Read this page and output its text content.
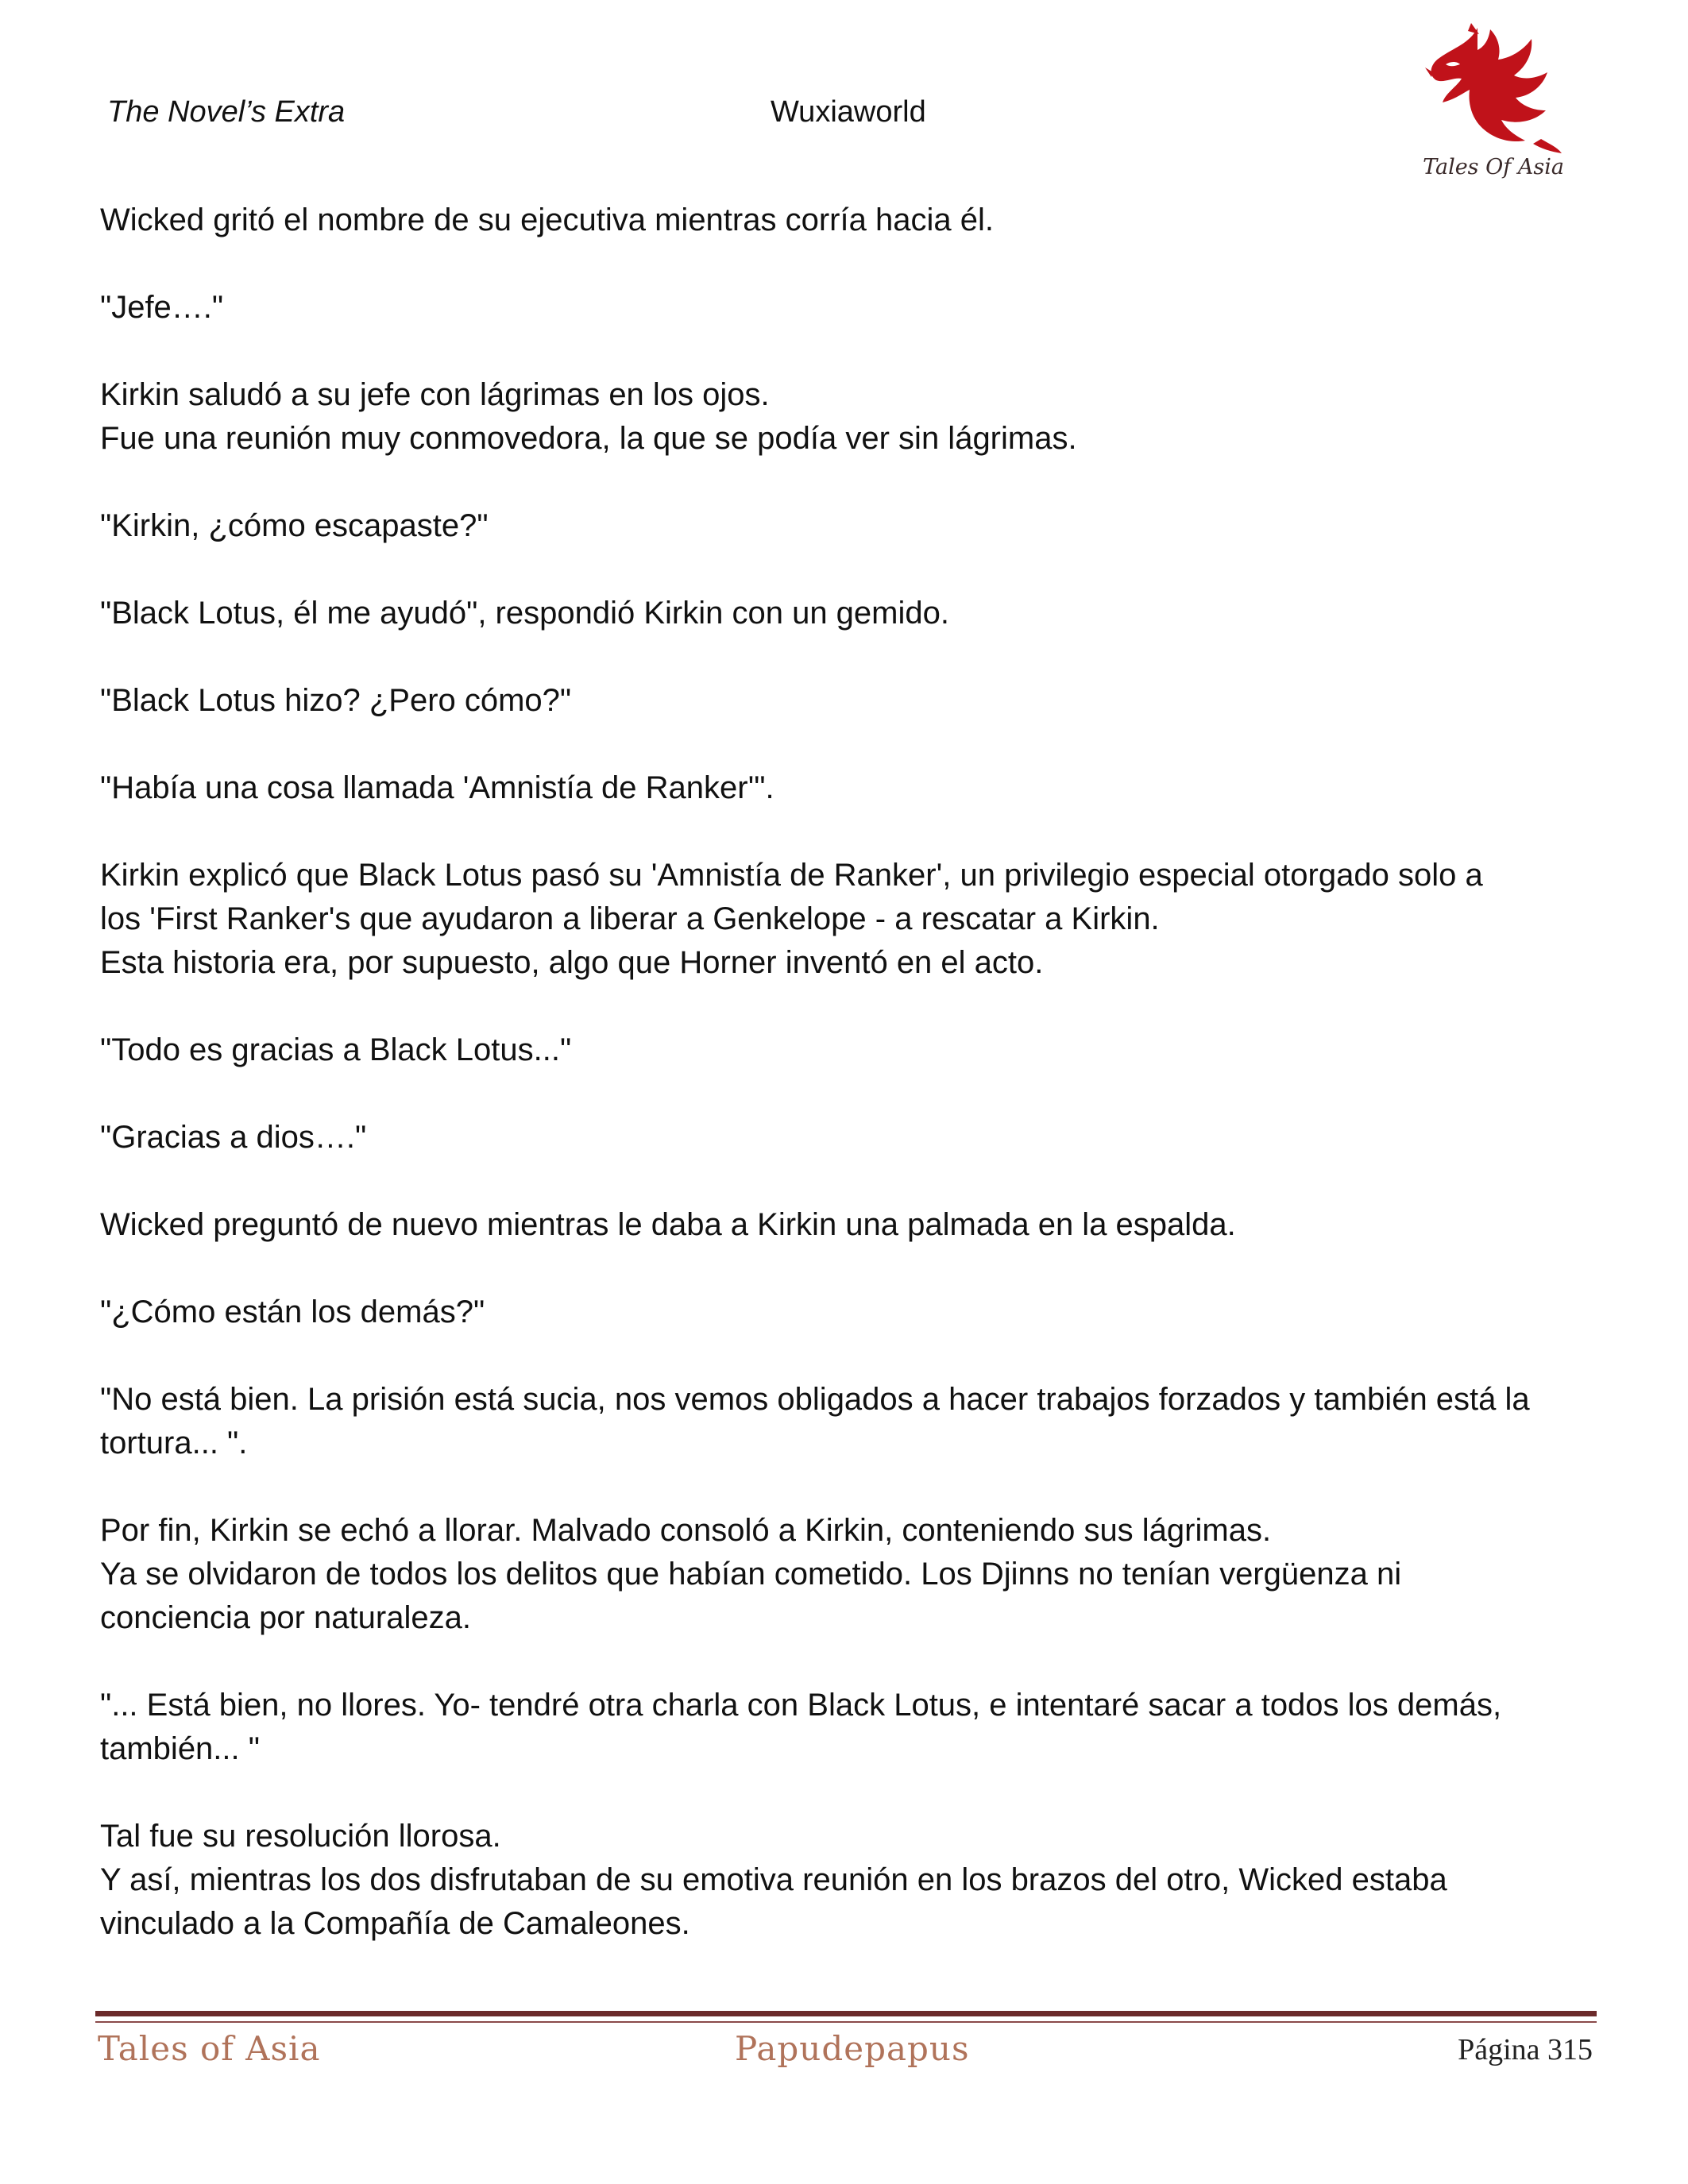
The Novel’s Extra	Wuxiaworld
Tales Of Asia

Wicked gritó el nombre de su ejecutiva mientras corría hacia él.

"Jefe…."

Kirkin saludó a su jefe con lágrimas en los ojos.
Fue una reunión muy conmovedora, la que se podía ver sin lágrimas.

"Kirkin, ¿cómo escapaste?"

"Black Lotus, él me ayudó", respondió Kirkin con un gemido.

"Black Lotus hizo? ¿Pero cómo?"

"Había una cosa llamada 'Amnistía de Ranker'".

Kirkin explicó que Black Lotus pasó su 'Amnistía de Ranker', un privilegio especial otorgado solo a
los 'First Ranker's que ayudaron a liberar a Genkelope - a rescatar a Kirkin.
Esta historia era, por supuesto, algo que Horner inventó en el acto.

"Todo es gracias a Black Lotus..."

"Gracias a dios…."

Wicked preguntó de nuevo mientras le daba a Kirkin una palmada en la espalda.

"¿Cómo están los demás?"

"No está bien. La prisión está sucia, nos vemos obligados a hacer trabajos forzados y también está la
tortura... ".

Por fin, Kirkin se echó a llorar. Malvado consoló a Kirkin, conteniendo sus lágrimas.
Ya se olvidaron de todos los delitos que habían cometido. Los Djinns no tenían vergüenza ni
conciencia por naturaleza.

"... Está bien, no llores. Yo- tendré otra charla con Black Lotus, e intentaré sacar a todos los demás,
también... "

Tal fue su resolución llorosa.
Y así, mientras los dos disfrutaban de su emotiva reunión en los brazos del otro, Wicked estaba
vinculado a la Compañía de Camaleones.

Tales of Asia	Papudepapus	Página 315
